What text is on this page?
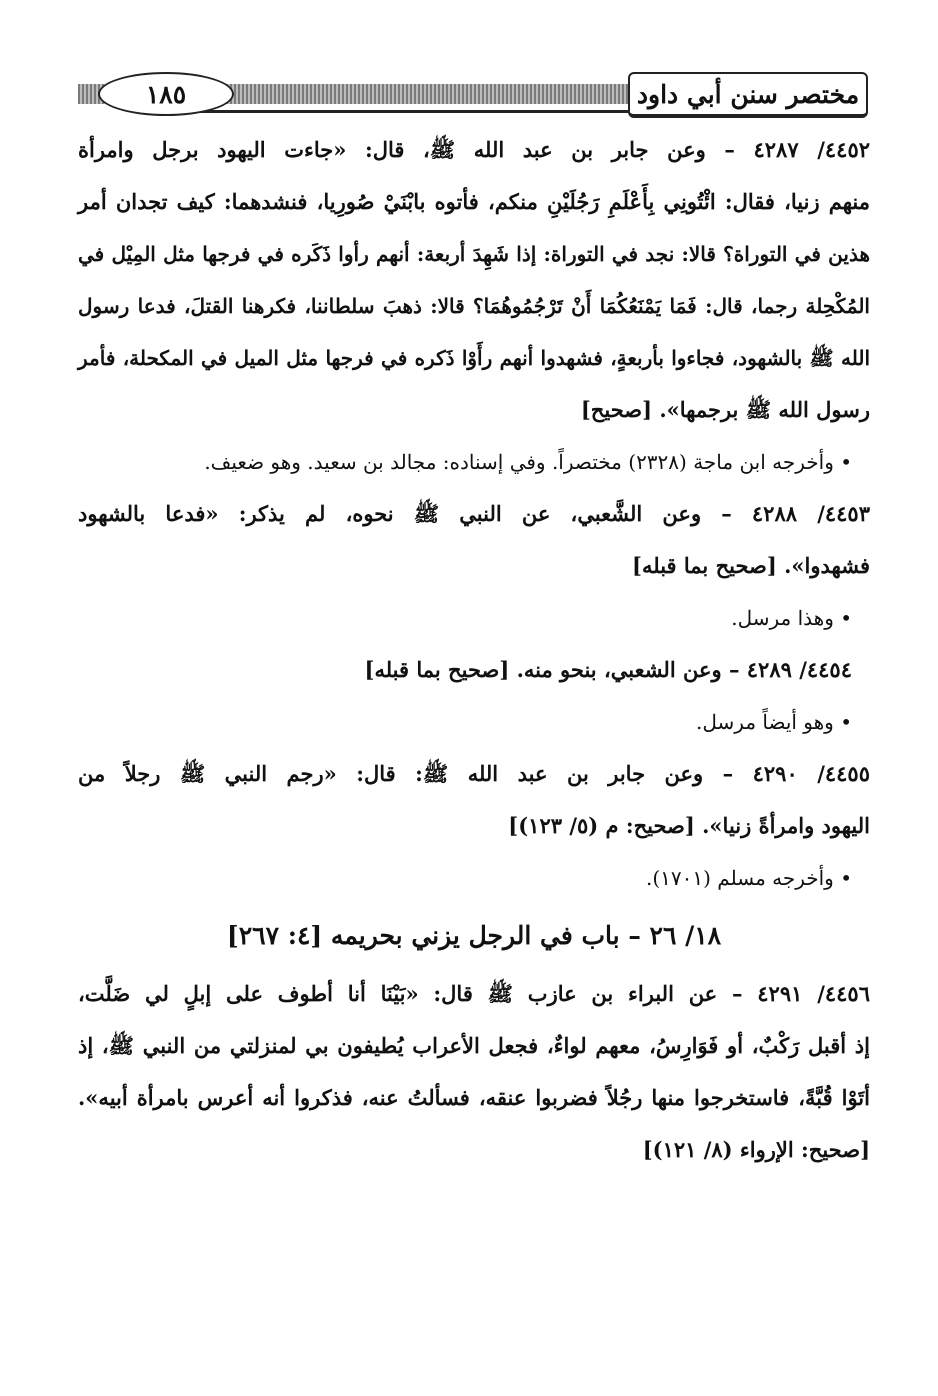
١٨٥	مختصر سنن أبي داود
٤٤٥٢/ ٤٢٨٧ – وعن جابر بن عبد الله ﷺ، قال: «جاءت اليهود برجل وامرأة
منهم زنيا، فقال: ائْتُونِي بِأَعْلَمِ رَجُلَيْنِ منكم، فأتوه بابْنَيْ صُورِيا، فنشدهما: كيف تجدان أمر
هذين في التوراة؟ قالا: نجد في التوراة: إذا شَهِدَ أربعة: أنهم رأوا ذَكَره في فرجها مثل المِيْل في
المُكْحِلة رجما، قال: فَمَا يَمْنَعُكُمَا أَنْ تَرْجُمُوهُمَا؟ قالا: ذهبَ سلطاننا، فكرهنا القتلَ، فدعا رسول
الله ﷺ بالشهود، فجاءوا بأربعةٍ، فشهدوا أنهم رأَوْا ذَكره في فرجها مثل الميل في المكحلة، فأمر
رسول الله ﷺ برجمها». [صحيح]
• وأخرجه ابن ماجة (٢٣٢٨) مختصراً. وفي إسناده: مجالد بن سعيد. وهو ضعيف.
٤٤٥٣/ ٤٢٨٨ – وعن الشَّعبي، عن النبي ﷺ نحوه، لم يذكر: «فدعا بالشهود
فشهدوا». [صحيح بما قبله]
• وهذا مرسل.
٤٤٥٤/ ٤٢٨٩ – وعن الشعبي، بنحو منه. [صحيح بما قبله]
• وهو أيضاً مرسل.
٤٤٥٥/ ٤٢٩٠ – وعن جابر بن عبد الله ﷺ: قال: «رجم النبي ﷺ رجلاً من
اليهود وامرأةً زنيا». [صحيح: م (٥/ ١٢٣)]
• وأخرجه مسلم (١٧٠١).
١٨/ ٢٦ – باب في الرجل يزني بحريمه [٤: ٢٦٧]
٤٤٥٦/ ٤٢٩١ – عن البراء بن عازب ﷺ قال: «بَيْنَا أنا أطوف على إبلٍ لي ضَلَّت،
إذ أقبل رَكْبٌ، أو فَوَارِسُ، معهم لواءٌ، فجعل الأعراب يُطيفون بي لمنزلتي من النبي ﷺ، إذ
أتَوْا قُبَّةً، فاستخرجوا منها رجُلاً فضربوا عنقه، فسألتُ عنه، فذكروا أنه أعرس بامرأة أبيه».
[صحيح: الإرواء (٨/ ١٢١)]
